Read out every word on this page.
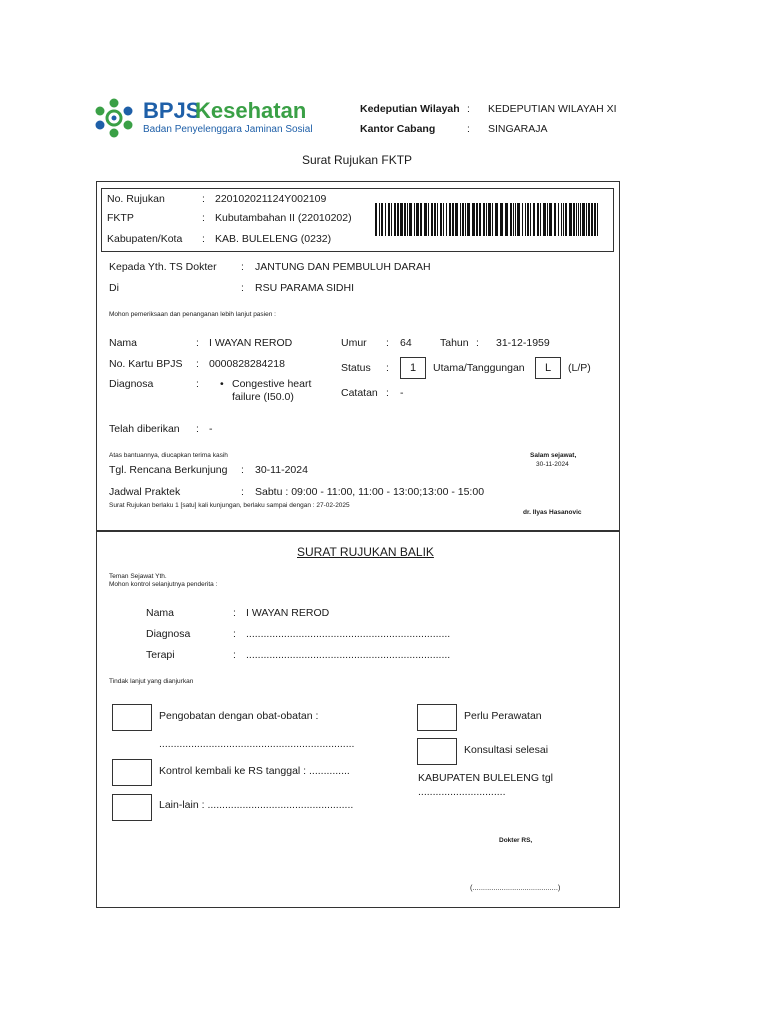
BPJS
Kesehatan
Badan Penyelenggara Jaminan Sosial
Kedeputian Wilayah : KEDEPUTIAN WILAYAH XI
Kantor Cabang	: SINGARAJA
Surat Rujukan FKTP
No. Rujukan	: 220102021124Y002109
FKTP	: Kubutambahan II (22010202)
Kabupaten/Kota : KAB. BULELENG (0232)
Kepada Yth. TS Dokter : JANTUNG DAN PEMBULUH DARAH
Di	: RSU PARAMA SIDHI
Mohon pemeriksaan dan penanganan lebih lanjut pasien :
Nama	: I WAYAN REROD
No. Kartu BPJS : 0000828284218
Diagnosa	: • Congestive heart
failure (I50.0)
Umur : 64	Tahun : 31-12-1959
Status :	1	Utama/Tanggungan	L	(L/P)
Catatan : -
Telah diberikan : -
Atas bantuannya, diucapkan terima kasih
Tgl. Rencana Berkunjung : 30-11-2024
Jadwal Praktek	: Sabtu : 09:00 - 11:00, 11:00 - 13:00;13:00 - 15:00
Surat Rujukan berlaku 1 [satu] kali kunjungan, berlaku sampai dengan : 27-02-2025
Salam sejawat,
30-11-2024
dr. Ilyas Hasanovic
SURAT RUJUKAN BALIK
Teman Sejawat Yth.
Mohon kontrol selanjutnya penderita :
Nama	: I WAYAN REROD
Diagnosa	: ......................................................................
Terapi	: ......................................................................
Tindak lanjut yang dianjurkan
Pengobatan dengan obat-obatan :
...................................................................
Kontrol kembali ke RS tanggal : ..............
Lain-lain : ..................................................
Perlu Perawatan
Konsultasi selesai
KABUPATEN BULELENG tgl
..............................
Dokter RS,
(.........................................)
